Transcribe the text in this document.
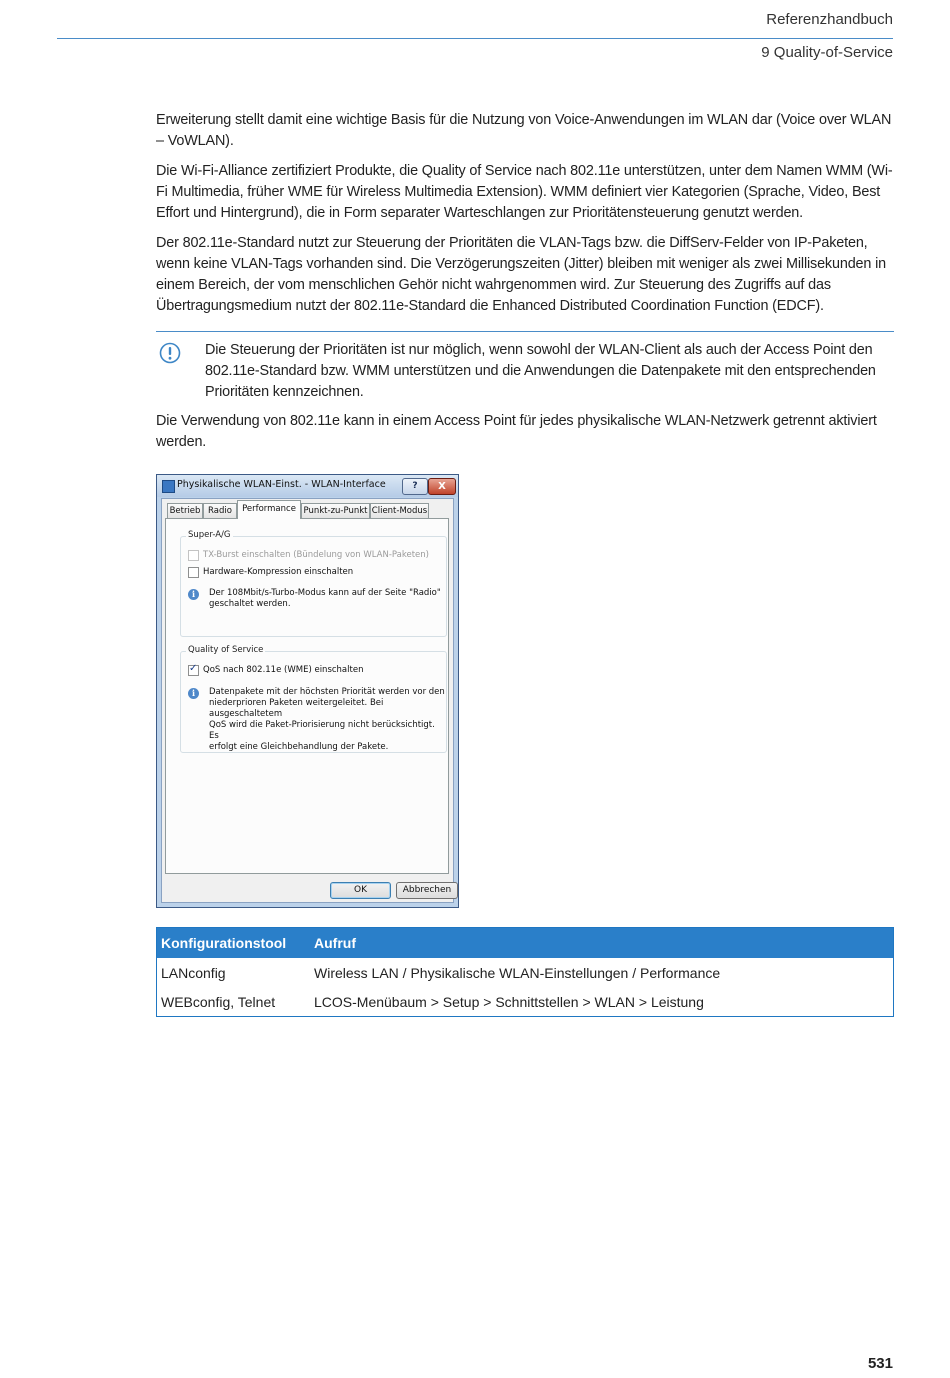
Referenzhandbuch
9 Quality-of-Service

Erweiterung stellt damit eine wichtige Basis für die Nutzung von Voice-Anwendungen im WLAN dar (Voice over WLAN – VoWLAN).

Die Wi-Fi-Alliance zertifiziert Produkte, die Quality of Service nach 802.11e unterstützen, unter dem Namen WMM (Wi-Fi Multimedia, früher WME für Wireless Multimedia Extension). WMM definiert vier Kategorien (Sprache, Video, Best Effort und Hintergrund), die in Form separater Warteschlangen zur Prioritätensteuerung genutzt werden.

Der 802.11e-Standard nutzt zur Steuerung der Prioritäten die VLAN-Tags bzw. die DiffServ-Felder von IP-Paketen, wenn keine VLAN-Tags vorhanden sind. Die Verzögerungszeiten (Jitter) bleiben mit weniger als zwei Millisekunden in einem Bereich, der vom menschlichen Gehör nicht wahrgenommen wird. Zur Steuerung des Zugriffs auf das Übertragungsmedium nutzt der 802.11e-Standard die Enhanced Distributed Coordination Function (EDCF).

Die Steuerung der Prioritäten ist nur möglich, wenn sowohl der WLAN-Client als auch der Access Point den 802.11e-Standard bzw. WMM unterstützen und die Anwendungen die Datenpakete mit den entsprechenden Prioritäten kennzeichnen.

Die Verwendung von 802.11e kann in einem Access Point für jedes physikalische WLAN-Netzwerk getrennt aktiviert werden.

Physikalische WLAN-Einst. - WLAN-Interface	?	X
Betrieb Radio	Performance Punkt-zu-Punkt Client-Modus
Super-A/G
TX-Burst einschalten (Bündelung von WLAN-Paketen)
Hardware-Kompression einschalten
i	Der 108Mbit/s-Turbo-Modus kann auf der Seite "Radio"
geschaltet werden.
Quality of Service
✓QoS nach 802.11e (WME) einschalten
i	Datenpakete mit der höchsten Priorität werden vor den
niederprioren Paketen weitergeleitet. Bei ausgeschaltetem
QoS wird die Paket-Priorisierung nicht berücksichtigt. Es
erfolgt eine Gleichbehandlung der Pakete.
OK	Abbrechen
Konfigurationstool	Aufruf
LANconfig	Wireless LAN / Physikalische WLAN-Einstellungen / Performance
WEBconfig, Telnet	LCOS-Menübaum > Setup > Schnittstellen > WLAN > Leistung
531
